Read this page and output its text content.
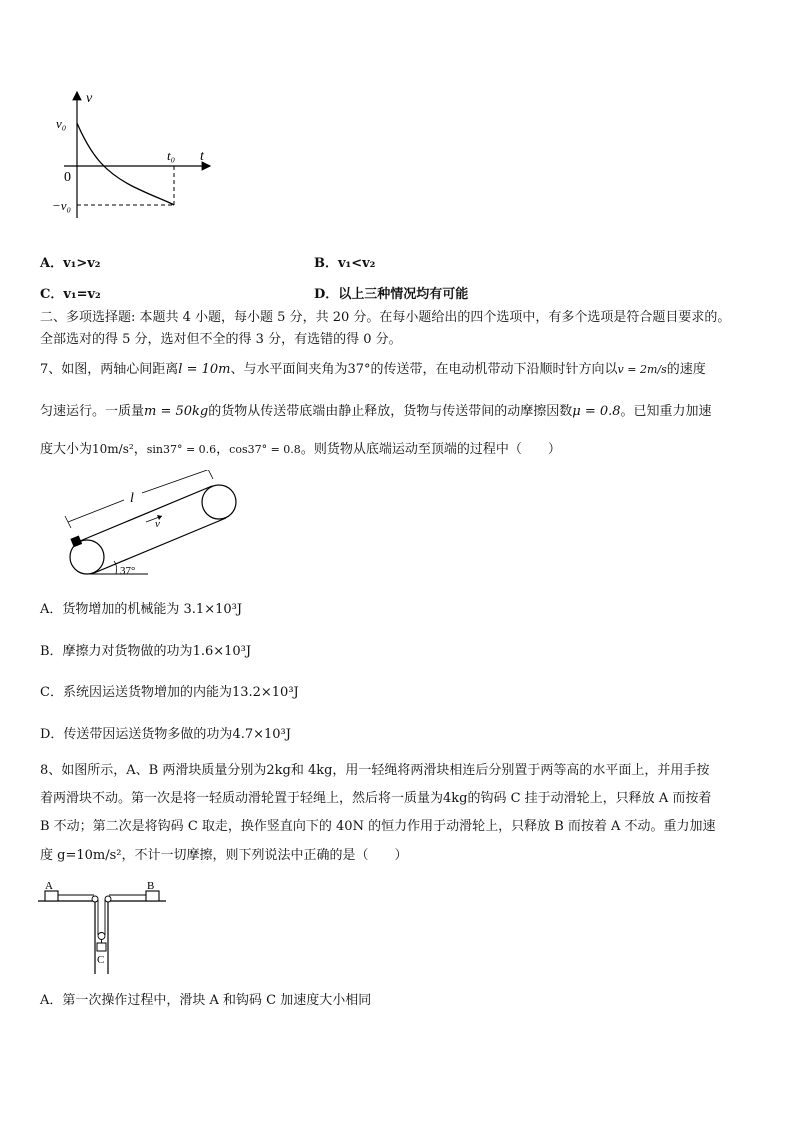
v
t
v₀
0
t₀
−v₀
A．v₁>v₂	B．v₁<v₂
C．v₁=v₂	D．以上三种情况均有可能
二、多项选择题: 本题共 4 小题，每小题 5 分，共 20 分。在每小题给出的四个选项中，有多个选项是符合题目要求的。
全部选对的得 5 分，选对但不全的得 3 分，有选错的得 0 分。
7、如图，两轴心间距离l = 10m、与水平面间夹角为37°的传送带，在电动机带动下沿顺时针方向以v = 2m/s的速度
匀速运行。一质量m = 50kg的货物从传送带底端由静止释放，货物与传送带间的动摩擦因数μ = 0.8。已知重力加速
度大小为10m/s²，sin37° = 0.6，cos37° = 0.8。则货物从底端运动至顶端的过程中（　　）
l
v
37°
A．货物增加的机械能为 3.1×10³J
B．摩擦力对货物做的功为1.6×10³J
C．系统因运送货物增加的内能为13.2×10³J
D．传送带因运送货物多做的功为4.7×10³J
8、如图所示，A、B 两滑块质量分别为2kg和 4kg，用一轻绳将两滑块相连后分别置于两等高的水平面上，并用手按
着两滑块不动。第一次是将一轻质动滑轮置于轻绳上，然后将一质量为4kg的钩码 C 挂于动滑轮上，只释放 A 而按着
B 不动；第二次是将钩码 C 取走，换作竖直向下的 40N 的恒力作用于动滑轮上，只释放 B 而按着 A 不动。重力加速
度 g=10m/s²，不计一切摩擦，则下列说法中正确的是（　　）
A	B
C
A．第一次操作过程中，滑块 A 和钩码 C 加速度大小相同
